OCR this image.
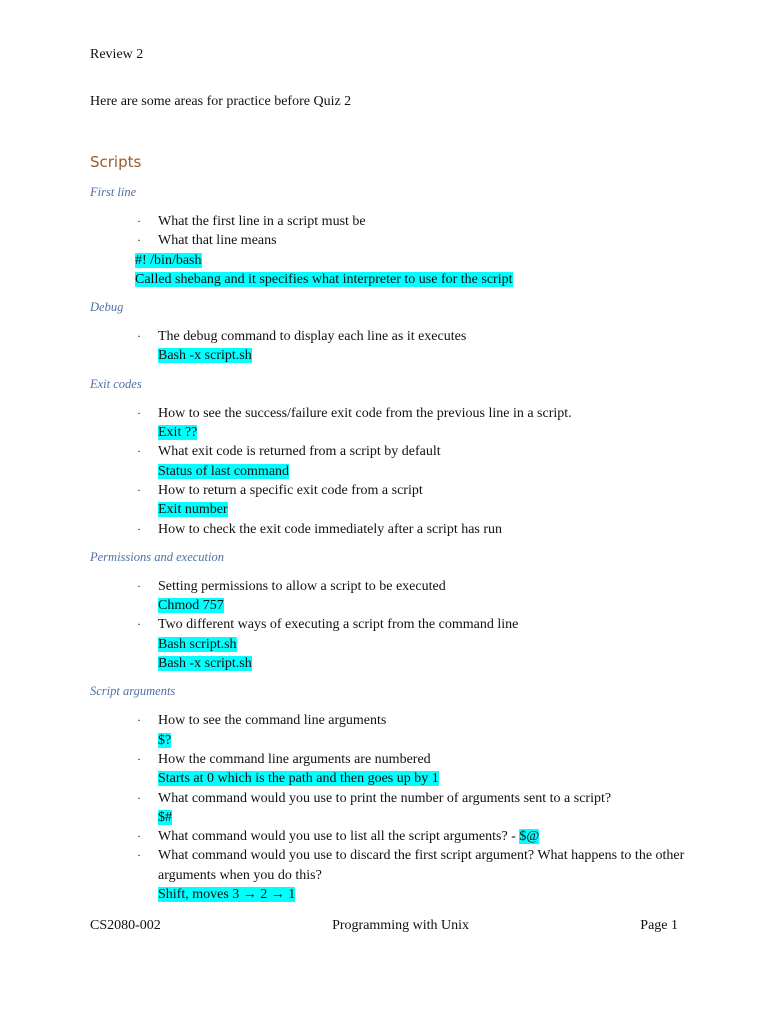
Review 2
Here are some areas for practice before Quiz 2
Scripts
First line
·	What the first line in a script must be
·	What that line means
#! /bin/bash
Called shebang and it specifies what interpreter to use for the script
Debug
·	The debug command to display each line as it executes
Bash -x script.sh
Exit codes
·	How to see the success/failure exit code from the previous line in a script.
Exit ??
·	What exit code is returned from a script by default
Status of last command
·	How to return a specific exit code from a script
Exit number
·	How to check the exit code immediately after a script has run
Permissions and execution
·	Setting permissions to allow a script to be executed
Chmod 757
·	Two different ways of executing a script from the command line
Bash script.sh
Bash -x script.sh
Script arguments
·	How to see the command line arguments
$?
·	How the command line arguments are numbered
Starts at 0 which is the path and then goes up by 1
·	What command would you use to print the number of arguments sent to a script?
$#
·	What command would you use to list all the script arguments? - $@
·	What command would you use to discard the first script argument? What happens to the other arguments when you do this?
Shift, moves 3 → 2 → 1
CS2080-002	Programming with Unix	Page 1
